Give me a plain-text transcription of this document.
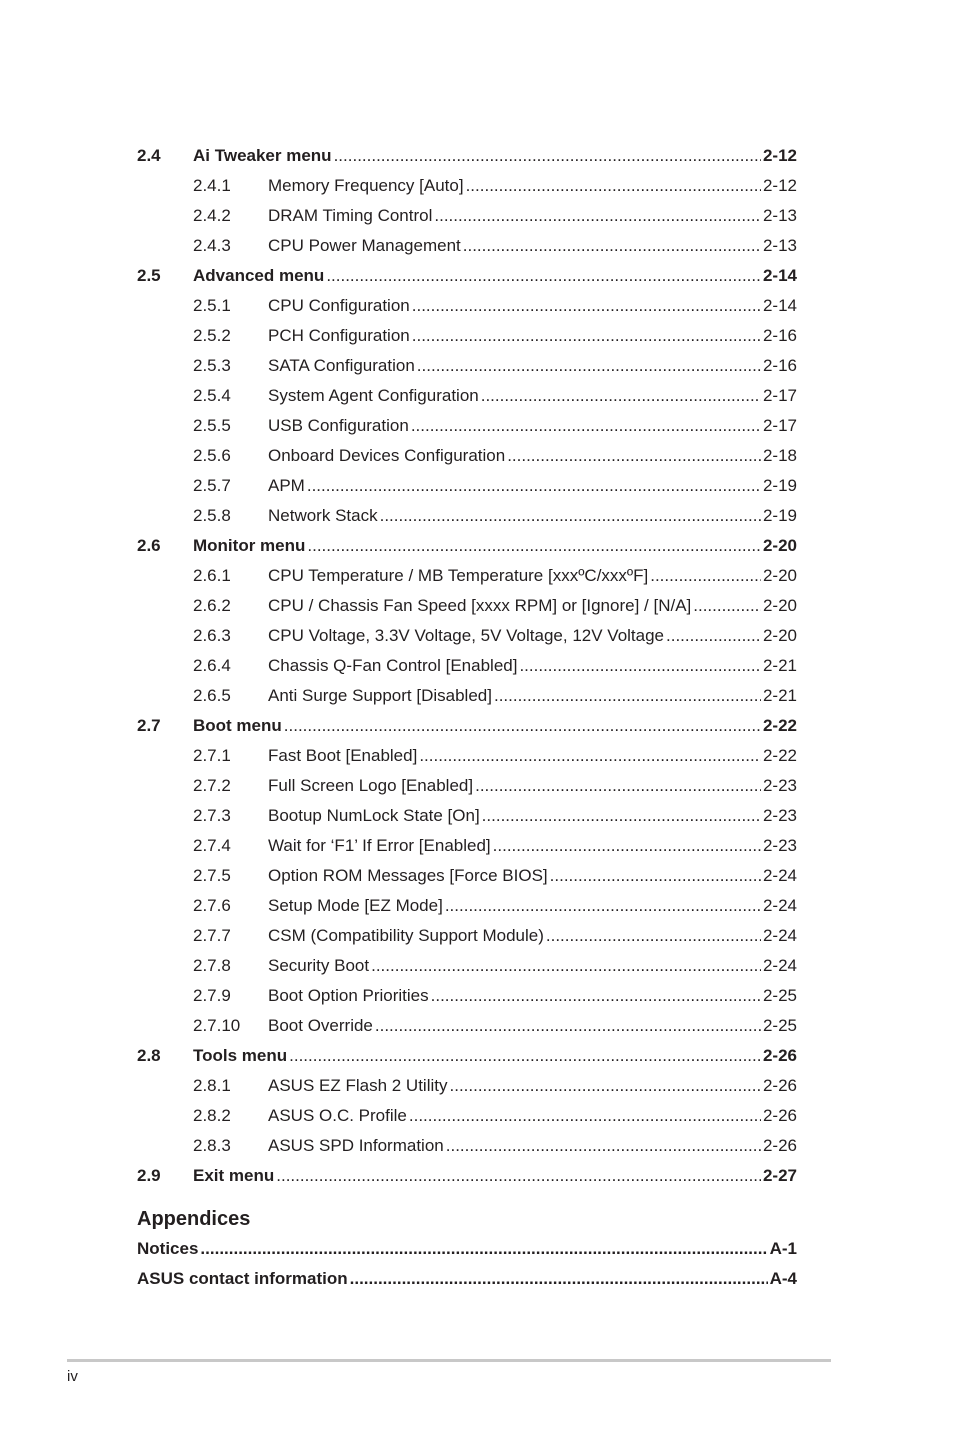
2.4	Ai Tweaker menu .....	2-12
2.4.1	Memory Frequency [Auto] .....	2-12
2.4.2	DRAM Timing Control .....	2-13
2.4.3	CPU Power Management .....	2-13
2.5	Advanced menu .....	2-14
2.5.1	CPU Configuration .....	2-14
2.5.2	PCH Configuration .....	2-16
2.5.3	SATA Configuration .....	2-16
2.5.4	System Agent Configuration .....	2-17
2.5.5	USB Configuration .....	2-17
2.5.6	Onboard Devices Configuration .....	2-18
2.5.7	APM .....	2-19
2.5.8	Network Stack .....	2-19
2.6	Monitor menu .....	2-20
2.6.1	CPU Temperature / MB Temperature [xxxºC/xxxºF] .....	2-20
2.6.2	CPU / Chassis Fan Speed [xxxx RPM] or [Ignore] / [N/A] .....	2-20
2.6.3	CPU Voltage, 3.3V Voltage, 5V Voltage, 12V Voltage .....	2-20
2.6.4	Chassis Q-Fan Control [Enabled] .....	2-21
2.6.5	Anti Surge Support [Disabled] .....	2-21
2.7	Boot menu .....	2-22
2.7.1	Fast Boot [Enabled] .....	2-22
2.7.2	Full Screen Logo [Enabled] .....	2-23
2.7.3	Bootup NumLock State [On] .....	2-23
2.7.4	Wait for ‘F1’ If Error [Enabled] .....	2-23
2.7.5	Option ROM Messages [Force BIOS] .....	2-24
2.7.6	Setup Mode [EZ Mode] .....	2-24
2.7.7	CSM (Compatibility Support Module) .....	2-24
2.7.8	Security Boot .....	2-24
2.7.9	Boot Option Priorities .....	2-25
2.7.10	Boot Override .....	2-25
2.8	Tools menu .....	2-26
2.8.1	ASUS EZ Flash 2 Utility .....	2-26
2.8.2	ASUS O.C. Profile .....	2-26
2.8.3	ASUS SPD Information .....	2-26
2.9	Exit menu .....	2-27
Appendices
Notices .....	A-1
ASUS contact information .....	A-4
iv
